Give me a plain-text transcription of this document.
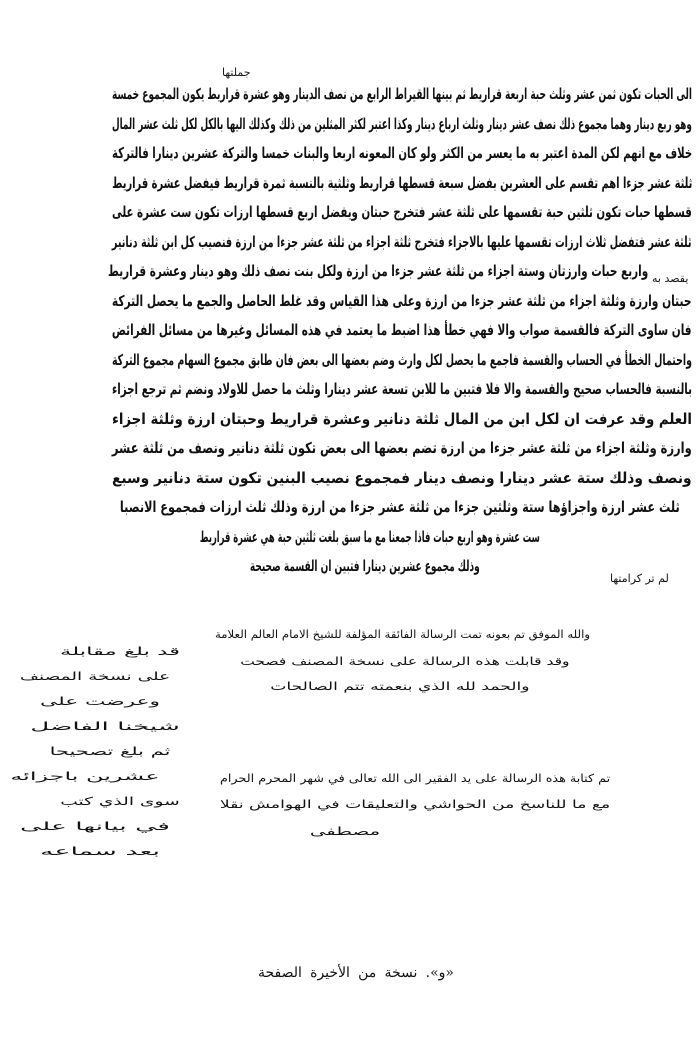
جملتها
الى الحبات تكون ثمن عشر وثلث حبة اربعة قراريط ثم بينها القيراط الرابع من نصف الدينار وهو عشرة قراريط يكون المجموع خمسة
وهو ربع دينار وهما مجموع ذلك نصف عشر دينار وثلث ارباع دينار وكذا اعتبر لكثر المثلين من ذلك وكذلك اليها بالكل لكل ثلث عشر المال
خلاف مع انهم لكن المدة اعتبر به ما يعسر من الكثر ولو كان المعونه اربعا والبنات خمسا والتركة عشرين دينارا فالتركة
ثلثة عشر جزءا اهم تقسم على العشرين بفضل سبعة قسطها قراريط وثلثية بالنسبة ثمرة قراريط فيفضل عشرة قراريط
قسطها حبات تكون ثلثين حبة تقسمها على ثلثة عشر فتخرج حبتان ويفضل اربع قسطها ارزات تكون ست عشرة على
ثلثة عشر فتفضل ثلاث ارزات تقسمها عليها بالاجزاء فتخرج ثلثة اجزاء من ثلثة عشر جزءا من ارزة فنصيب كل ابن ثلثة دنانير
واربع حبات وارزتان وستة اجزاء من ثلثة عشر جزءا من ارزة ولكل بنت نصف ذلك وهو دينار وعشرة قراريط
حبتان وارزة وثلثة اجزاء من ثلثة عشر جزءا من ارزة وعلى هذا القياس وقد غلط الحاصل والجمع ما يحصل التركة
فان ساوى التركة فالقسمة صواب والا فهي خطأ هذا اضبط ما يعتمد في هذه المسائل وغيرها من مسائل الفرائض
واحتمال الخطأ في الحساب والقسمة فاجمع ما يحصل لكل وارث وضم بعضها الى بعض فان طابق مجموع السهام مجموع التركة
بالنسبة فالحساب صحيح والقسمة والا فلا فتبين ما للابن تسعة عشر دينارا وثلث ما حصل للاولاد ونضم ثم ترجع اجزاء
العلم وقد عرفت ان لكل ابن من المال ثلثة دنانير وعشرة قراريط وحبتان ارزة وثلثة اجزاء
وارزة وثلثة اجزاء من ثلثة عشر جزءا من ارزة تضم بعضها الى بعض تكون ثلثة دنانير ونصف من ثلثة عشر
ونصف وذلك ستة عشر دينارا ونصف دينار فمجموع نصيب البنين تكون ستة دنانير وسبع
ثلث عشر ارزة واجزاؤها ستة وثلثين جزءا من ثلثة عشر جزءا من ارزة وذلك ثلث ارزات فمجموع الانصبا
ست عشرة وهو اربع حبات فاذا جمعنا مع ما سبق بلغت ثلثين حبة هي عشرة قراريط
وذلك مجموع عشرين دينارا فتبين ان القسمة صحيحة
يقصد به
لم تر كرامتها
والله الموفق تم بعونه تمت الرسالة الفائقة المؤلفة للشيخ الامام العالم العلامة
وقد قابلت هذه الرسالة على نسخة المصنف فصحت
والحمد لله الذي بنعمته تتم الصالحات
تم كتابة هذه الرسالة على يد الفقير الى الله تعالى في شهر المحرم الحرام
مع ما للناسخ من الحواشي والتعليقات في الهوامش نقلا
مصطفى
قد بلغ مقابلة
على نسخة المصنف
وعرضت على
شيخنا الفاضل
ثم بلغ تصحيحا
عشرين باجزائه
سوى الذي كتب
في بيانها على
بعد سماعه
الصفحة الأخيرة من نسخة «و».
